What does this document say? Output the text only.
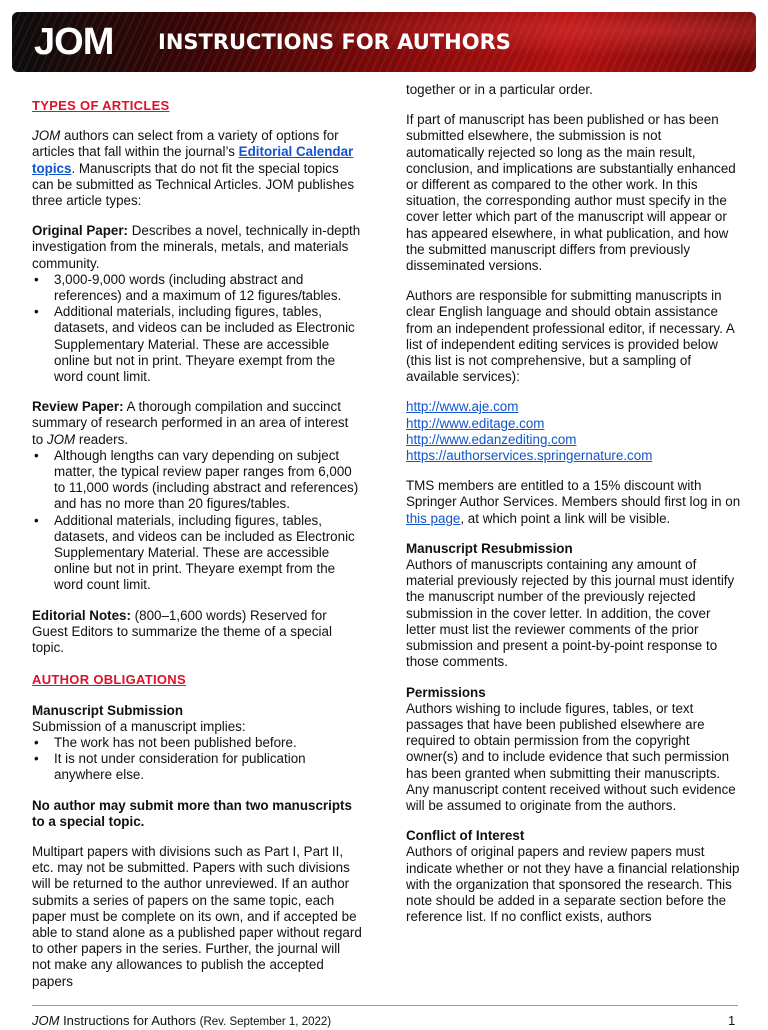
JOM INSTRUCTIONS FOR AUTHORS

TYPES OF ARTICLES

JOM authors can select from a variety of options for articles that fall within the journal’s Editorial Calendar topics. Manuscripts that do not fit the special topics can be submitted as Technical Articles. JOM publishes three article types:

Original Paper: Describes a novel, technically in-depth investigation from the minerals, metals, and materials community.

• 3,000-9,000 words (including abstract and references) and a maximum of 12 figures/tables.
• Additional materials, including figures, tables, datasets, and videos can be included as Electronic Supplementary Material. These are accessible online but not in print. Theyare exempt from the word count limit.

Review Paper: A thorough compilation and succinct summary of research performed in an area of interest to JOM readers.

• Although lengths can vary depending on subject matter, the typical review paper ranges from 6,000 to 11,000 words (including abstract and references) and has no more than 20 figures/tables.
• Additional materials, including figures, tables, datasets, and videos can be included as Electronic Supplementary Material. These are accessible online but not in print. Theyare exempt from the word count limit.

Editorial Notes: (800–1,600 words) Reserved for Guest Editors to summarize the theme of a special topic.

AUTHOR OBLIGATIONS

Manuscript Submission

Submission of a manuscript implies:

• The work has not been published before.
• It is not under consideration for publication anywhere else.

No author may submit more than two manuscripts to a special topic.

Multipart papers with divisions such as Part I, Part II, etc. may not be submitted. Papers with such divisions will be returned to the author unreviewed. If an author submits a series of papers on the same topic, each paper must be complete on its own, and if accepted be able to stand alone as a published paper without regard to other papers in the series. Further, the journal will not make any allowances to publish the accepted papers

together or in a particular order.

If part of manuscript has been published or has been submitted elsewhere, the submission is not automatically rejected so long as the main result, conclusion, and implications are substantially enhanced or different as compared to the other work. In this situation, the corresponding author must specify in the cover letter which part of the manuscript will appear or has appeared elsewhere, in what publication, and how the submitted manuscript differs from previously disseminated versions.

Authors are responsible for submitting manuscripts in clear English language and should obtain assistance from an independent professional editor, if necessary. A list of independent editing services is provided below (this list is not comprehensive, but a sampling of available services):

http://www.aje.com
http://www.editage.com
http://www.edanzediting.com
https://authorservices.springernature.com

TMS members are entitled to a 15% discount with Springer Author Services. Members should first log in on this page, at which point a link will be visible.

Manuscript Resubmission

Authors of manuscripts containing any amount of material previously rejected by this journal must identify the manuscript number of the previously rejected submission in the cover letter. In addition, the cover letter must list the reviewer comments of the prior submission and present a point-by-point response to those comments.

Permissions

Authors wishing to include figures, tables, or text passages that have been published elsewhere are required to obtain permission from the copyright owner(s) and to include evidence that such permission has been granted when submitting their manuscripts. Any manuscript content received without such evidence will be assumed to originate from the authors.

Conflict of Interest

Authors of original papers and review papers must indicate whether or not they have a financial relationship with the organization that sponsored the research. This note should be added in a separate section before the reference list. If no conflict exists, authors

JOM Instructions for Authors (Rev. September 1, 2022)	1
